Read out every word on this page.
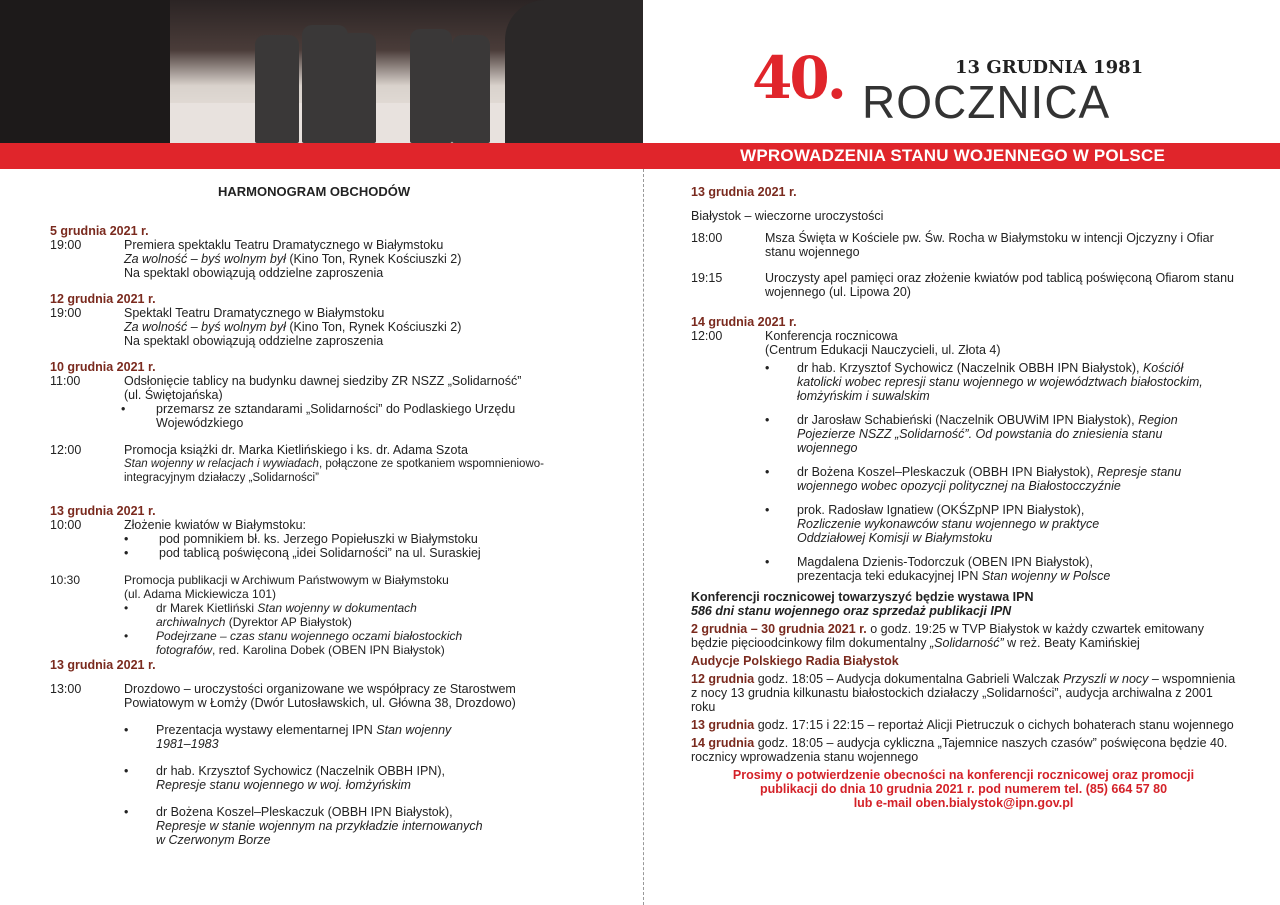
40. ROCZNICA
13 GRUDNIA 1981
WPROWADZENIA STANU WOJENNEGO W POLSCE
HARMONOGRAM OBCHODÓW
5 grudnia 2021 r.
19:00	Premiera spektaklu Teatru Dramatycznego w Białymstoku
Za wolność – byś wolnym był (Kino Ton, Rynek Kościuszki 2)
Na spektakl obowiązują oddzielne zaproszenia
12 grudnia 2021 r.
19:00	Spektakl Teatru Dramatycznego w Białymstoku
Za wolność – byś wolnym był (Kino Ton, Rynek Kościuszki 2)
Na spektakl obowiązują oddzielne zaproszenia
10 grudnia 2021 r.
11:00	Odsłonięcie tablicy na budynku dawnej siedziby ZR NSZZ „Solidarność”
(ul. Świętojańska)
• przemarsz ze sztandarami „Solidarności” do Podlaskiego Urzędu Wojewódzkiego
12:00	Promocja książki dr. Marka Kietlińskiego i ks. dr. Adama Szota
Stan wojenny w relacjach i wywiadach, połączone ze spotkaniem wspomnieniowo-integracyjnym działaczy „Solidarności”
13 grudnia 2021 r.
10:00	Złożenie kwiatów w Białymstoku:
• pod pomnikiem bł. ks. Jerzego Popiełuszki w Białymstoku
• pod tablicą poświęconą „idei Solidarności” na ul. Suraskiej
10:30	Promocja publikacji w Archiwum Państwowym w Białymstoku
(ul. Adama Mickiewicza 101)
• dr Marek Kietliński Stan wojenny w dokumentach archiwalnych (Dyrektor AP Białystok)
• Podejrzane – czas stanu wojennego oczami białostockich fotografów, red. Karolina Dobek (OBEN IPN Białystok)
13 grudnia 2021 r.
13:00	Drozdowo – uroczystości organizowane we współpracy ze Starostwem Powiatowym w Łomży (Dwór Lutosławskich, ul. Główna 38, Drozdowo)
• Prezentacja wystawy elementarnej IPN Stan wojenny 1981–1983
• dr hab. Krzysztof Sychowicz (Naczelnik OBBH IPN), Represje stanu wojennego w woj. łomżyńskim
• dr Bożena Koszel–Pleskaczuk (OBBH IPN Białystok), Represje w stanie wojennym na przykładzie internowanych w Czerwonym Borze
13 grudnia 2021 r.
Białystok – wieczorne uroczystości
18:00	Msza Święta w Kościele pw. Św. Rocha w Białymstoku w intencji Ojczyzny i Ofiar stanu wojennego
19:15	Uroczysty apel pamięci oraz złożenie kwiatów pod tablicą poświęconą Ofiarom stanu wojennego (ul. Lipowa 20)
14 grudnia 2021 r.
12:00	Konferencja rocznicowa
(Centrum Edukacji Nauczycieli, ul. Złota 4)
• dr hab. Krzysztof Sychowicz (Naczelnik OBBH IPN Białystok), Kościół katolicki wobec represji stanu wojennego w województwach białostockim, łomżyńskim i suwalskim
• dr Jarosław Schabieński (Naczelnik OBUWiM IPN Białystok), Region Pojezierze NSZZ „Solidarność”. Od powstania do zniesienia stanu wojennego
• dr Bożena Koszel–Pleskaczuk (OBBH IPN Białystok), Represje stanu wojennego wobec opozycji politycznej na Białostocczyźnie
• prok. Radosław Ignatiew (OKŚZpNP IPN Białystok), Rozliczenie wykonawców stanu wojennego w praktyce Oddziałowej Komisji w Białymstoku
• Magdalena Dzienis-Todorczuk (OBEN IPN Białystok), prezentacja teki edukacyjnej IPN Stan wojenny w Polsce
Konferencji rocznicowej towarzyszyć będzie wystawa IPN
586 dni stanu wojennego oraz sprzedaż publikacji IPN
2 grudnia – 30 grudnia 2021 r. o godz. 19:25 w TVP Białystok w każdy czwartek emitowany będzie pięcioodcinkowy film dokumentalny „Solidarność” w reż. Beaty Kamińskiej
Audycje Polskiego Radia Białystok
12 grudnia godz. 18:05 – Audycja dokumentalna Gabrieli Walczak Przyszli w nocy – wspomnienia z nocy 13 grudnia kilkunastu białostockich działaczy „Solidarności”, audycja archiwalna z 2001 roku
13 grudnia godz. 17:15 i 22:15 – reportaż Alicji Pietruczuk o cichych bohaterach stanu wojennego
14 grudnia godz. 18:05 – audycja cykliczna „Tajemnice naszych czasów” poświęcona będzie 40. rocznicy wprowadzenia stanu wojennego
Prosimy o potwierdzenie obecności na konferencji rocznicowej oraz promocji
publikacji do dnia 10 grudnia 2021 r. pod numerem tel. (85) 664 57 80
lub e-mail oben.bialystok@ipn.gov.pl
